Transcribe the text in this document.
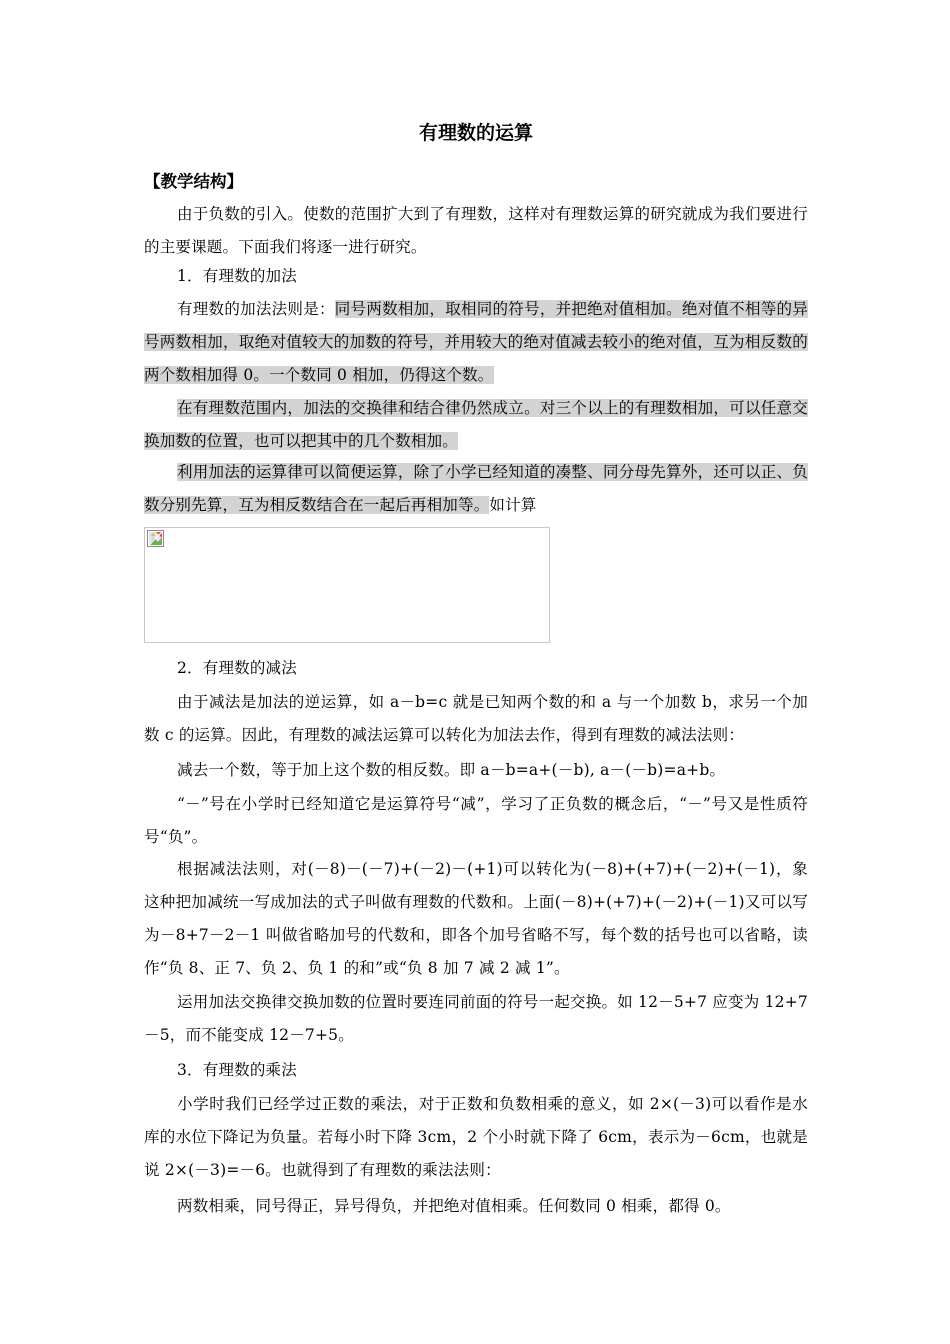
有理数的运算
【教学结构】

由于负数的引入。使数的范围扩大到了有理数，这样对有理数运算的研究就成为我们要进行的主要课题。下面我们将逐一进行研究。

1．有理数的加法

有理数的加法法则是：同号两数相加，取相同的符号，并把绝对值相加。绝对值不相等的异号两数相加，取绝对值较大的加数的符号，并用较大的绝对值减去较小的绝对值，互为相反数的两个数相加得 0。一个数同 0 相加，仍得这个数。

在有理数范围内，加法的交换律和结合律仍然成立。对三个以上的有理数相加，可以任意交换加数的位置，也可以把其中的几个数相加。

利用加法的运算律可以简便运算，除了小学已经知道的凑整、同分母先算外，还可以正、负数分别先算，互为相反数结合在一起后再相加等。如计算

2．有理数的减法

由于减法是加法的逆运算，如 a－b=c 就是已知两个数的和 a 与一个加数 b，求另一个加数 c 的运算。因此，有理数的减法运算可以转化为加法去作，得到有理数的减法法则：

减去一个数，等于加上这个数的相反数。即 a－b=a+(－b), a－(－b)=a+b。

“－”号在小学时已经知道它是运算符号“减”，学习了正负数的概念后，“－”号又是性质符号“负”。

根据减法法则，对(－8)－(－7)+(－2)－(+1)可以转化为(－8)+(+7)+(－2)+(－1)，象这种把加减统一写成加法的式子叫做有理数的代数和。上面(－8)+(+7)+(－2)+(－1)又可以写为－8+7－2－1 叫做省略加号的代数和，即各个加号省略不写，每个数的括号也可以省略，读作“负 8、正 7、负 2、负 1 的和”或“负 8 加 7 减 2 减 1”。

运用加法交换律交换加数的位置时要连同前面的符号一起交换。如 12－5+7 应变为 12+7－5，而不能变成 12－7+5。

3．有理数的乘法

小学时我们已经学过正数的乘法，对于正数和负数相乘的意义，如 2×(－3)可以看作是水库的水位下降记为负量。若每小时下降 3cm，2 个小时就下降了 6cm，表示为－6cm，也就是说 2×(－3)=－6。也就得到了有理数的乘法法则：

两数相乘，同号得正，异号得负，并把绝对值相乘。任何数同 0 相乘，都得 0。
